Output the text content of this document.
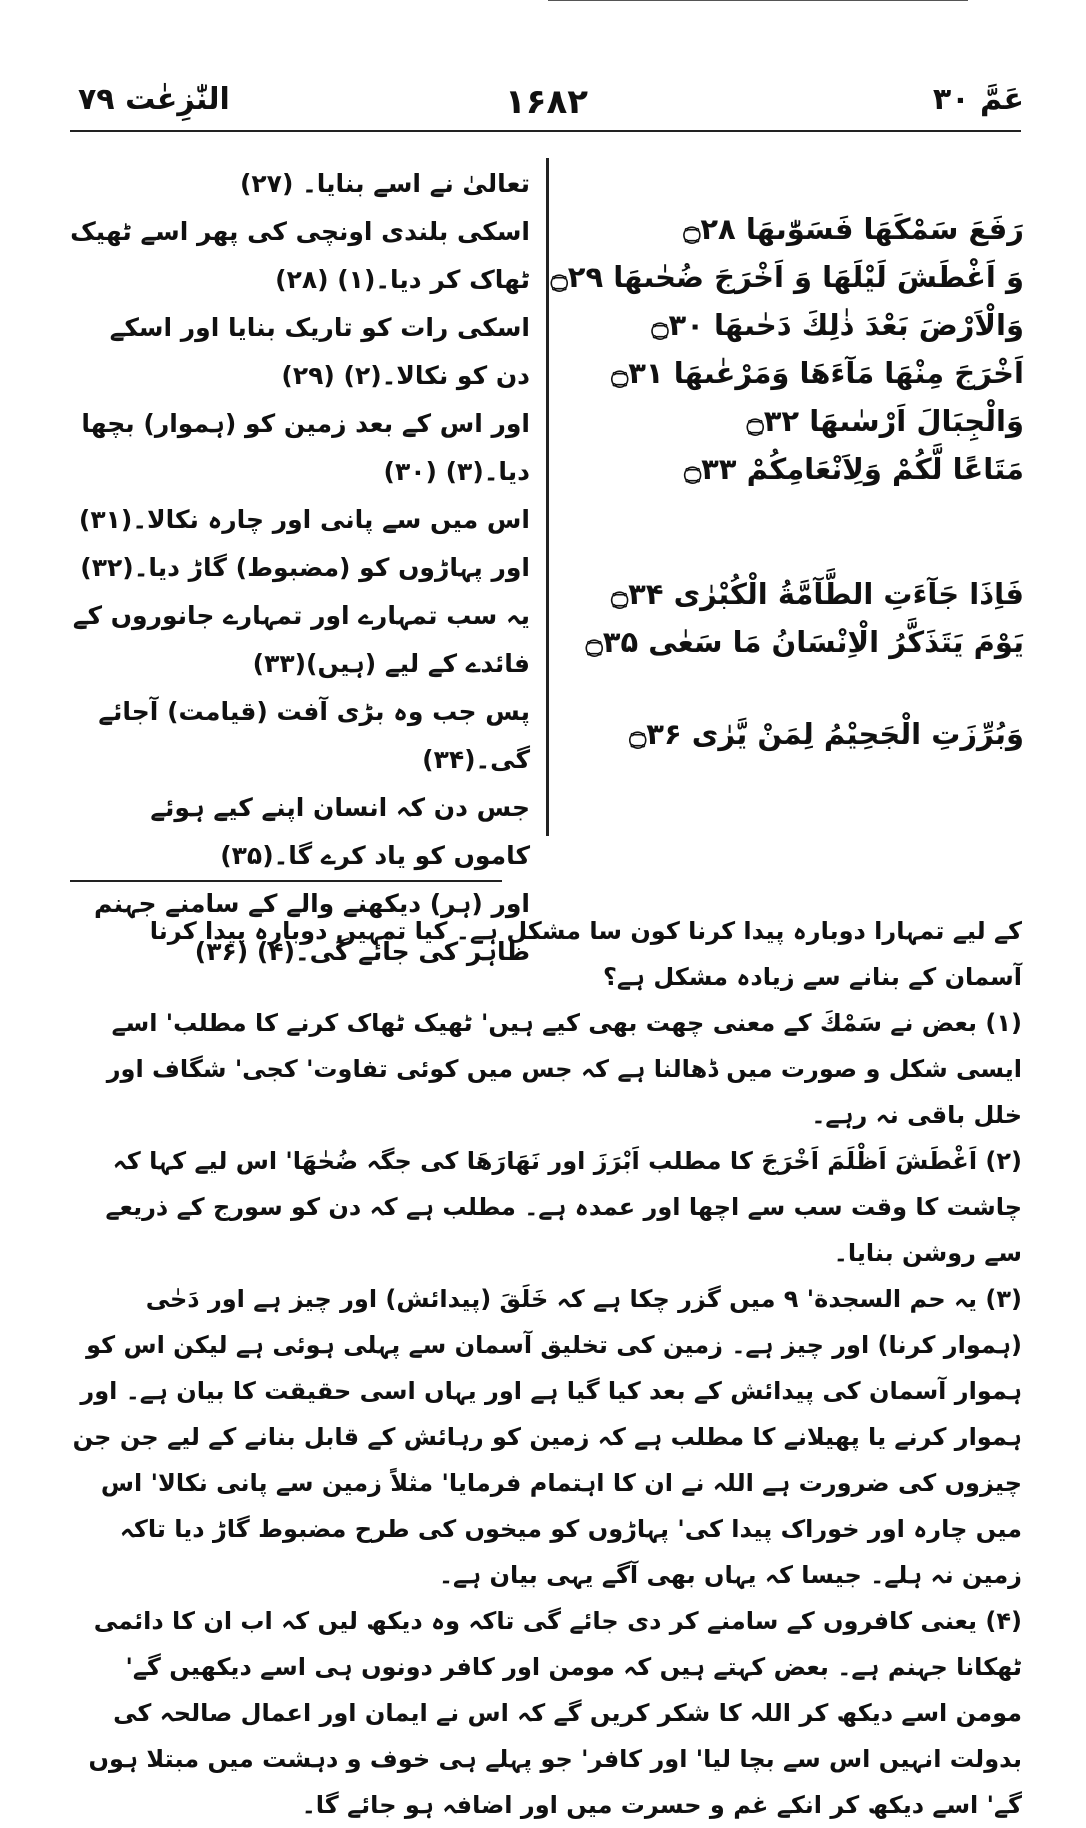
النّٰزِعٰت ۷۹	۱۶۸۲	عَمَّ ۳۰

تعالیٰ نے اسے بنایا۔ (۲۷)

اسکی بلندی اونچی کی پھر اسے ٹھیک ٹھاک کر دیا۔(۱) (۲۸)

اسکی رات کو تاریک بنایا اور اسکے دن کو نکالا۔(۲) (۲۹)

اور اس کے بعد زمین کو (ہموار) بچھا دیا۔(۳) (۳۰)

اس میں سے پانی اور چارہ نکالا۔(۳۱)

اور پہاڑوں کو (مضبوط) گاڑ دیا۔(۳۲)

یہ سب تمہارے اور تمہارے جانوروں کے فائدے کے لیے (ہیں)(۳۳)

پس جب وہ بڑی آفت (قیامت) آجائے گی۔(۳۴)

جس دن کہ انسان اپنے کیے ہوئے کاموں کو یاد کرے گا۔(۳۵)

اور (ہر) دیکھنے والے کے سامنے جہنم ظاہر کی جائے گی۔(۴) (۳۶)

رَفَعَ سَمْكَهَا فَسَوّٰىهَا ۝۲۸

وَ اَغْطَشَ لَيْلَهَا وَ اَخْرَجَ ضُحٰىهَا ۝۲۹

وَالْاَرْضَ بَعْدَ ذٰلِكَ دَحٰىهَا ۝۳۰

اَخْرَجَ مِنْهَا مَآءَهَا وَمَرْعٰىهَا ۝۳۱

وَالْجِبَالَ اَرْسٰىهَا ۝۳۲

مَتَاعًا لَّكُمْ وَلِاَنْعَامِكُمْ ۝۳۳

فَاِذَا جَآءَتِ الطَّآمَّةُ الْكُبْرٰى ۝۳۴

يَوْمَ يَتَذَكَّرُ الْاِنْسَانُ مَا سَعٰى ۝۳۵

وَبُرِّزَتِ الْجَحِيْمُ لِمَنْ يَّرٰى ۝۳۶

کے لیے تمہارا دوبارہ پیدا کرنا کون سا مشکل ہے۔ کیا تمہیں دوبارہ پیدا کرنا آسمان کے بنانے سے زیادہ مشکل ہے؟

(۱) بعض نے سَمْكَ کے معنی چھت بھی کیے ہیں' ٹھیک ٹھاک کرنے کا مطلب' اسے ایسی شکل و صورت میں ڈھالنا ہے کہ جس میں کوئی تفاوت' کجی' شگاف اور خلل باقی نہ رہے۔

(۲) اَغْطَشَ اَظْلَمَ اَخْرَجَ کا مطلب اَبْرَزَ اور نَهَارَهَا کی جگہ ضُحٰهَا' اس لیے کہا کہ چاشت کا وقت سب سے اچھا اور عمدہ ہے۔ مطلب ہے کہ دن کو سورج کے ذریعے سے روشن بنایا۔

(۳) یہ حم السجدة' ۹ میں گزر چکا ہے کہ خَلَقَ (پیدائش) اور چیز ہے اور دَحٰی (ہموار کرنا) اور چیز ہے۔ زمین کی تخلیق آسمان سے پہلی ہوئی ہے لیکن اس کو ہموار آسمان کی پیدائش کے بعد کیا گیا ہے اور یہاں اسی حقیقت کا بیان ہے۔ اور ہموار کرنے یا پھیلانے کا مطلب ہے کہ زمین کو رہائش کے قابل بنانے کے لیے جن جن چیزوں کی ضرورت ہے اللہ نے ان کا اہتمام فرمایا' مثلاً زمین سے پانی نکالا' اس میں چارہ اور خوراک پیدا کی' پہاڑوں کو میخوں کی طرح مضبوط گاڑ دیا تاکہ زمین نہ ہلے۔ جیسا کہ یہاں بھی آگے یہی بیان ہے۔

(۴) یعنی کافروں کے سامنے کر دی جائے گی تاکہ وہ دیکھ لیں کہ اب ان کا دائمی ٹھکانا جہنم ہے۔ بعض کہتے ہیں کہ مومن اور کافر دونوں ہی اسے دیکھیں گے' مومن اسے دیکھ کر اللہ کا شکر کریں گے کہ اس نے ایمان اور اعمال صالحہ کی بدولت انہیں اس سے بچا لیا' اور کافر' جو پہلے ہی خوف و دہشت میں مبتلا ہوں گے' اسے دیکھ کر انکے غم و حسرت میں اور اضافہ ہو جائے گا۔
